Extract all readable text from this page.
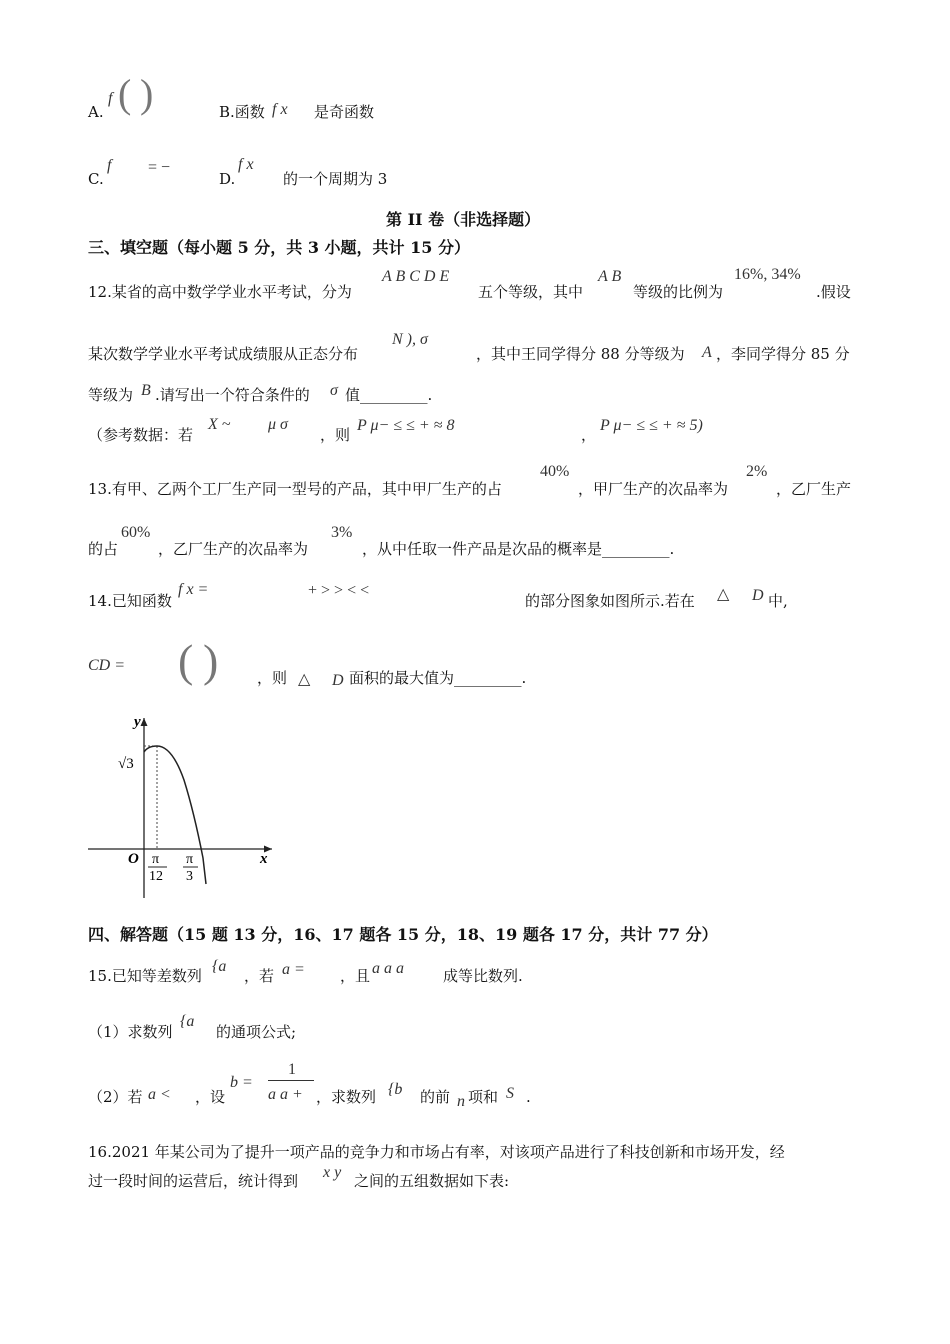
A.
f ( )	B.函数 f x 是奇函数
C.
f = −
D.
f x
的一个周期为 3
第 II 卷（非选择题）
三、填空题（每小题 5 分，共 3 小题，共计 15 分）
12.某省的高中数学学业水平考试，分为
A B C D E
五个等级，其中
A B
等级的比例为
16%, 34%
.假设
某次数学学业水平考试成绩服从正态分布
N ), σ
，其中王同学得分 88 分等级为 A ，李同学得分 85 分
等级为 B .请写出一个符合条件的 σ 值_________.
（参考数据：若
X ~ μ σ
，则
P μ− ≤ ≤ + ≈ 8
，
P μ− ≤ ≤ + ≈ 5)
13.有甲、乙两个工厂生产同一型号的产品，其中甲厂生产的占
40%
，甲厂生产的次品率为
2%
，乙厂生产
的占
60%
，乙厂生产的次品率为
3%
，从中任取一件产品是次品的概率是_________.
14.已知函数
f x =	+ > > < <
的部分图象如图所示.若在 △ D 中,
CD = ( )	，则 △ D 面积的最大值为_________.
y
x
O
√3
π
12
π
3
四、解答题（15 题 13 分，16、17 题各 15 分，18、19 题各 17 分，共计 77 分）
15.已知等差数列
{a
，若 a = ，且 a a a	成等比数列.
（1）求数列
{a
的通项公式;
（2）若 a < ，设
b =
1
a a + ，求数列 {b 的前 n 项和 S .
16.2021 年某公司为了提升一项产品的竞争力和市场占有率，对该项产品进行了科技创新和市场开发，经
过一段时间的运营后，统计得到 x y 之间的五组数据如下表:
